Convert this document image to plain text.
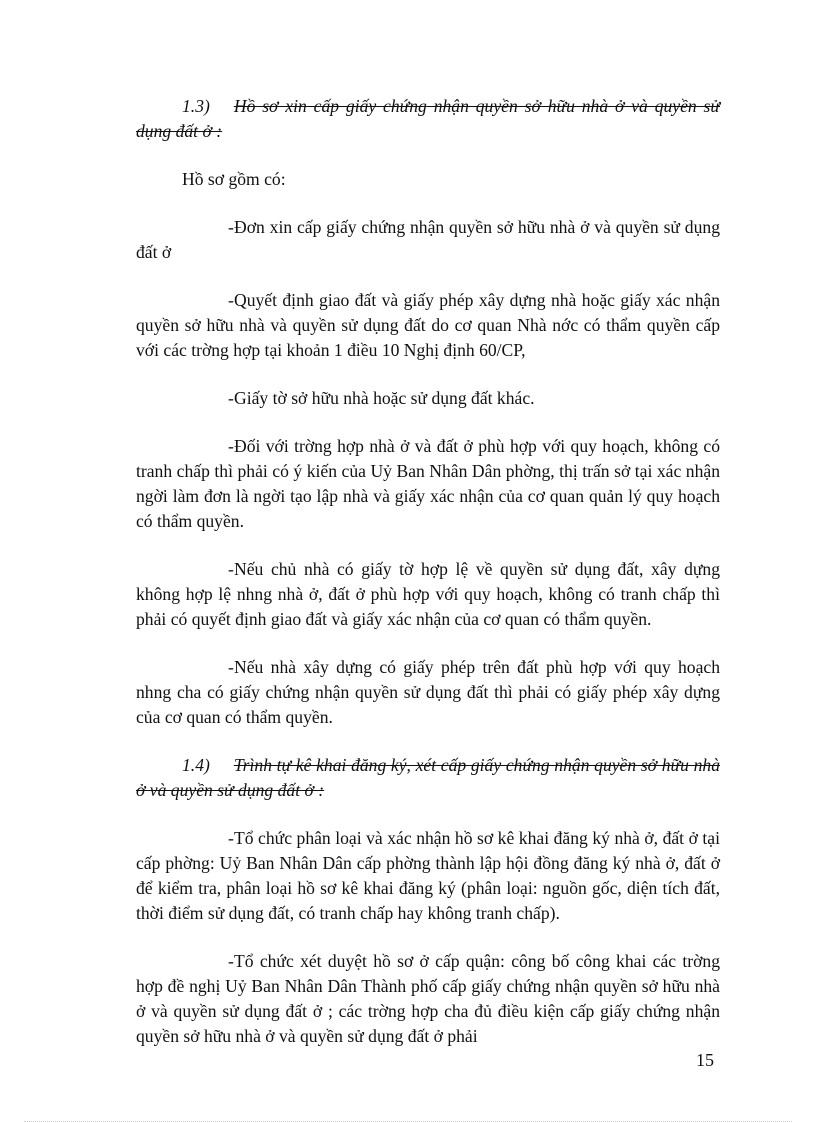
1.3) Hồ sơ xin cấp giấy chứng nhận quyền sở hữu nhà ở và quyền sử dụng đất ở :

Hồ sơ gồm có:

-Đơn xin cấp giấy chứng nhận quyền sở hữu nhà ở và quyền sử dụng đất ở

-Quyết định giao đất và giấy phép xây dựng nhà hoặc giấy xác nhận quyền sở hữu nhà và quyền sử dụng đất do cơ quan Nhà nớc có thẩm quyền cấp với các trờng hợp tại khoản 1 điều 10 Nghị định 60/CP,

-Giấy tờ sở hữu nhà hoặc sử dụng đất khác.

-Đối với trờng hợp nhà ở và đất ở phù hợp với quy hoạch, không có tranh chấp thì phải có ý kiến của Uỷ Ban Nhân Dân phờng, thị trấn sở tại xác nhận ngời làm đơn là ngời tạo lập nhà và giấy xác nhận của cơ quan quản lý quy hoạch có thẩm quyền.

-Nếu chủ nhà có giấy tờ hợp lệ về quyền sử dụng đất, xây dựng không hợp lệ nhng nhà ở, đất ở phù hợp với quy hoạch, không có tranh chấp thì phải có quyết định giao đất và giấy xác nhận của cơ quan có thẩm quyền.

-Nếu nhà xây dựng có giấy phép trên đất phù hợp với quy hoạch nhng cha có giấy chứng nhận quyền sử dụng đất thì phải có giấy phép xây dựng của cơ quan có thẩm quyền.

1.4) Trình tự kê khai đăng ký, xét cấp giấy chứng nhận quyền sở hữu nhà ở và quyền sử dụng đất ở :

-Tổ chức phân loại và xác nhận hồ sơ kê khai đăng ký nhà ở, đất ở tại cấp phờng: Uỷ Ban Nhân Dân cấp phờng thành lập hội đồng đăng ký nhà ở, đất ở để kiểm tra, phân loại hồ sơ kê khai đăng ký (phân loại: nguồn gốc, diện tích đất, thời điểm sử dụng đất, có tranh chấp hay không tranh chấp).

-Tổ chức xét duyệt hồ sơ ở cấp quận: công bố công khai các trờng hợp đề nghị Uỷ Ban Nhân Dân Thành phố cấp giấy chứng nhận quyền sở hữu nhà ở và quyền sử dụng đất ở ; các trờng hợp cha đủ điều kiện cấp giấy chứng nhận quyền sở hữu nhà ở và quyền sử dụng đất ở phải

15
